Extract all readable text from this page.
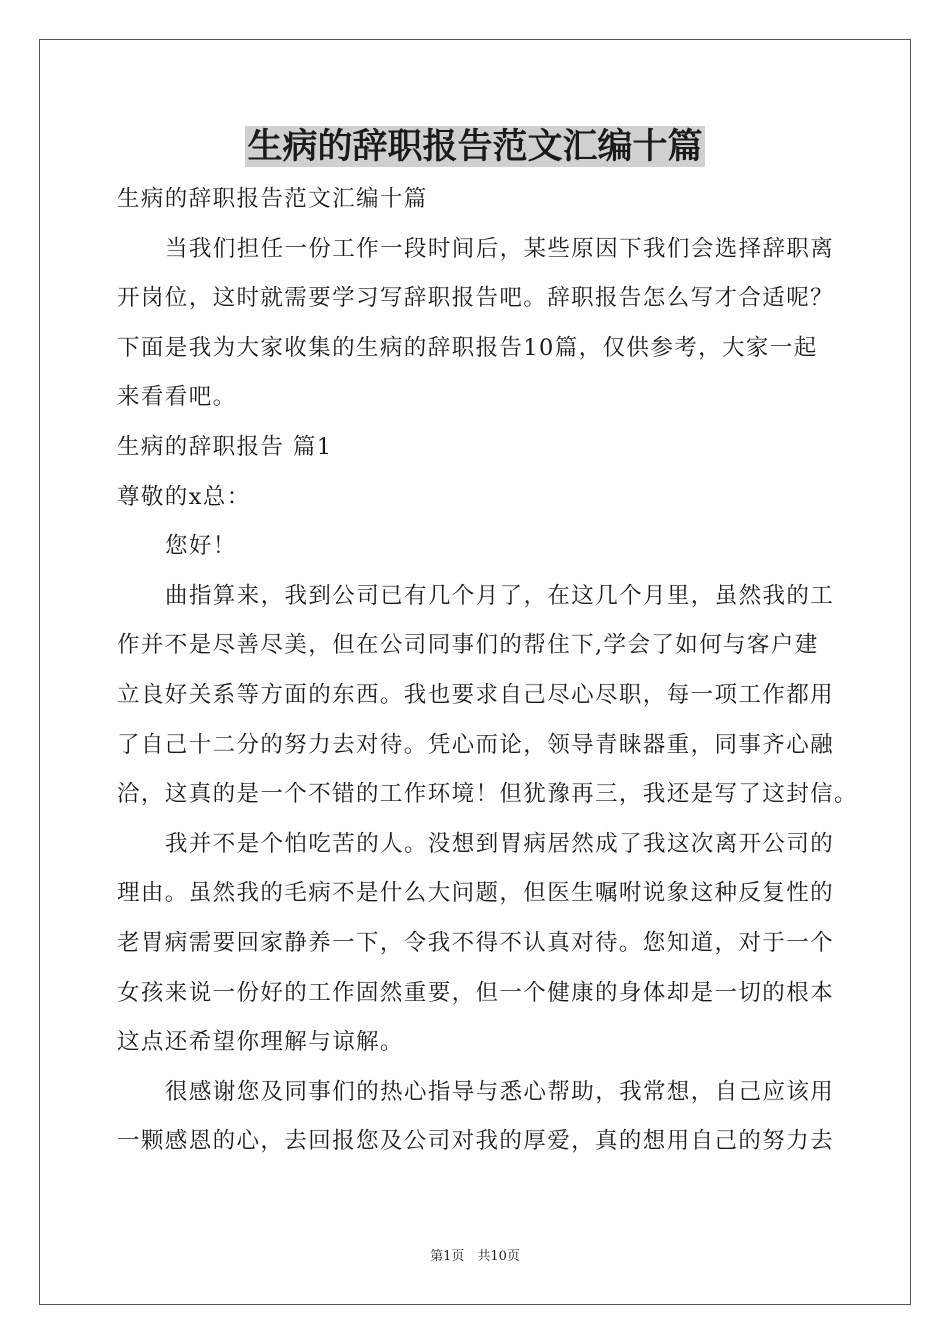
生病的辞职报告范文汇编十篇
生病的辞职报告范文汇编十篇
当我们担任一份工作一段时间后，某些原因下我们会选择辞职离
开岗位，这时就需要学习写辞职报告吧。辞职报告怎么写才合适呢？
下面是我为大家收集的生病的辞职报告10篇，仅供参考，大家一起
来看看吧。
生病的辞职报告 篇1
尊敬的x总：
您好！
曲指算来，我到公司已有几个月了，在这几个月里，虽然我的工
作并不是尽善尽美，但在公司同事们的帮住下,学会了如何与客户建
立良好关系等方面的东西。我也要求自己尽心尽职，每一项工作都用
了自己十二分的努力去对待。凭心而论，领导青睐器重，同事齐心融
洽，这真的是一个不错的工作环境！但犹豫再三，我还是写了这封信。
我并不是个怕吃苦的人。没想到胃病居然成了我这次离开公司的
理由。虽然我的毛病不是什么大问题，但医生嘱咐说象这种反复性的
老胃病需要回家静养一下，令我不得不认真对待。您知道，对于一个
女孩来说一份好的工作固然重要，但一个健康的身体却是一切的根本
这点还希望你理解与谅解。
很感谢您及同事们的热心指导与悉心帮助，我常想，自己应该用
一颗感恩的心，去回报您及公司对我的厚爱，真的想用自己的努力去
第1页　共10页
